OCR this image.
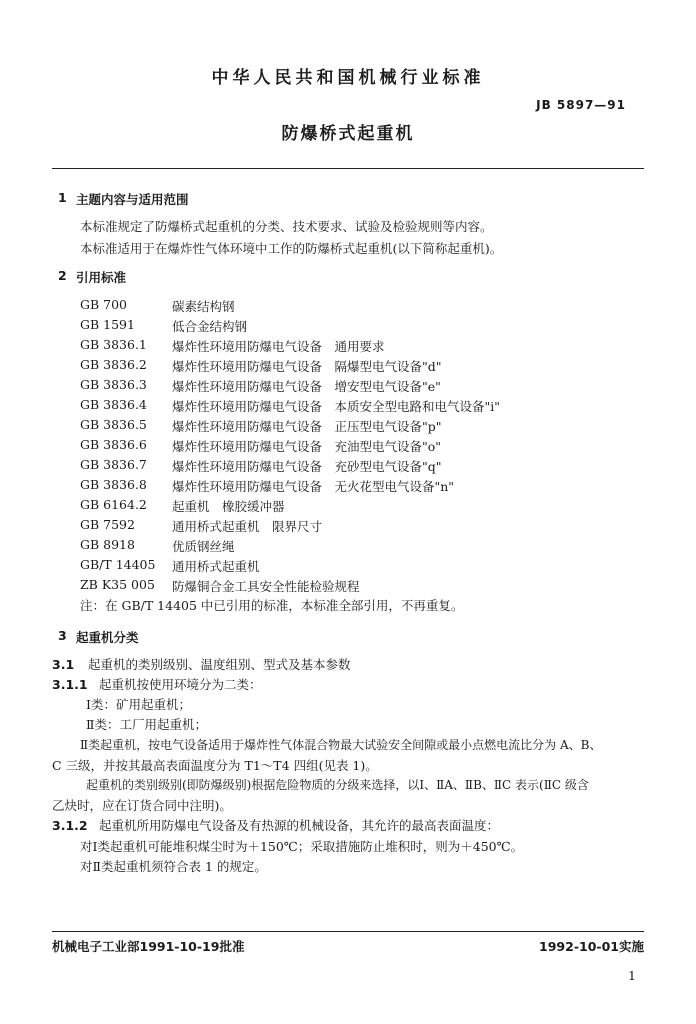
中华人民共和国机械行业标准
JB 5897—91
防爆桥式起重机
1 主题内容与适用范围
本标准规定了防爆桥式起重机的分类、技术要求、试验及检验规则等内容。
本标准适用于在爆炸性气体环境中工作的防爆桥式起重机(以下简称起重机)。
2 引用标准
GB 700	碳素结构钢
GB 1591	低合金结构钢
GB 3836.1 爆炸性环境用防爆电气设备　通用要求
GB 3836.2 爆炸性环境用防爆电气设备　隔爆型电气设备"d"
GB 3836.3 爆炸性环境用防爆电气设备　增安型电气设备"e"
GB 3836.4 爆炸性环境用防爆电气设备　本质安全型电路和电气设备"i"
GB 3836.5 爆炸性环境用防爆电气设备　正压型电气设备"p"
GB 3836.6 爆炸性环境用防爆电气设备　充油型电气设备"o"
GB 3836.7 爆炸性环境用防爆电气设备　充砂型电气设备"q"
GB 3836.8 爆炸性环境用防爆电气设备　无火花型电气设备"n"
GB 6164.2 起重机　橡胶缓冲器
GB 7592	通用桥式起重机　限界尺寸
GB 8918	优质钢丝绳
GB/T 14405 通用桥式起重机
ZB K35 005 防爆铜合金工具安全性能检验规程
注：在 GB/T 14405 中已引用的标准，本标准全部引用，不再重复。
3 起重机分类
3.1 起重机的类别级别、温度组别、型式及基本参数
3.1.1 起重机按使用环境分为二类：
Ⅰ类：矿用起重机；
Ⅱ类：工厂用起重机；
Ⅱ类起重机，按电气设备适用于爆炸性气体混合物最大试验安全间隙或最小点燃电流比分为 A、B、
C 三级，并按其最高表面温度分为 T1～T4 四组(见表 1)。
起重机的类别级别(即防爆级别)根据危险物质的分级来选择，以Ⅰ、ⅡA、ⅡB、ⅡC 表示(ⅡC 级含
乙炔时，应在订货合同中注明)。
3.1.2 起重机所用防爆电气设备及有热源的机械设备，其允许的最高表面温度：
对Ⅰ类起重机可能堆积煤尘时为＋150℃；采取措施防止堆积时，则为＋450℃。
对Ⅱ类起重机须符合表 1 的规定。
机械电子工业部1991-10-19批准	1992-10-01实施
1
